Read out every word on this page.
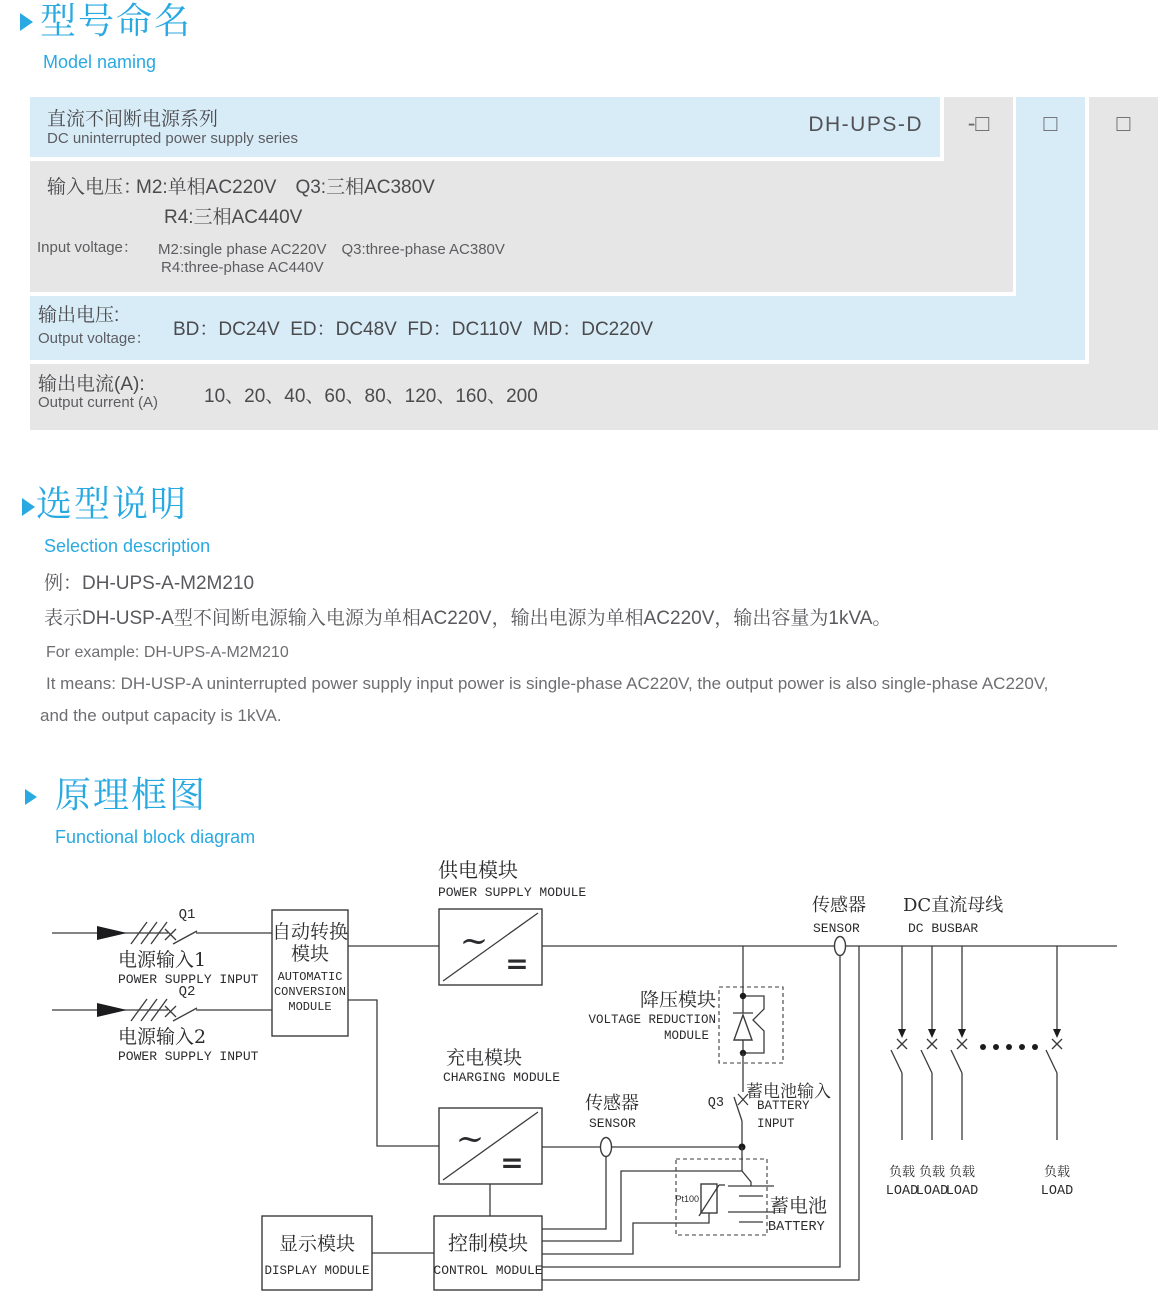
型号命名
Model naming
直流不间断电源系列
DC uninterrupted power supply series
DH-UPS-D	-□	□	□
输入电压：
M2:单相AC220V　Q3:三相AC380V
R4:三相AC440V
Input voltage： M2:single phase AC220V　Q3:three-phase AC380V
R4:three-phase AC440V
输出电压:
Output voltage： BD：DC24V  ED：DC48V  FD：DC110V  MD：DC220V
输出电流(A):
Output current (A) 10、20、40、60、80、120、160、200
选型说明
Selection description
例：DH-UPS-A-M2M210
表示DH-USP-A型不间断电源输入电源为单相AC220V，输出电源为单相AC220V，输出容量为1kVA。
For example: DH-UPS-A-M2M210
It means: DH-USP-A uninterrupted power supply input power is single-phase AC220V, the output power is also single-phase AC220V,
and the output capacity is 1kVA.
原理框图
Functional block diagram
Q1
电源输入1
POWER SUPPLY INPUT
Q2
电源输入2
POWER SUPPLY INPUT
自动转换
模块
AUTOMATIC
CONVERSION
MODULE
供电模块
POWER SUPPLY MODULE
~
=
传感器
SENSOR
DC直流母线
DC BUSBAR
降压模块
VOLTAGE REDUCTION
MODULE
蓄电池输入
BATTERY
INPUT
Q3
充电模块
CHARGING MODULE
~
=
传感器
SENSOR
Pt100	蓄电池
BATTERY
控制模块
CONTROL MODULE
显示模块
DISPLAY MODULE
负载 负载 负载	负载
LOAD
LOAD
LOAD	LOAD
